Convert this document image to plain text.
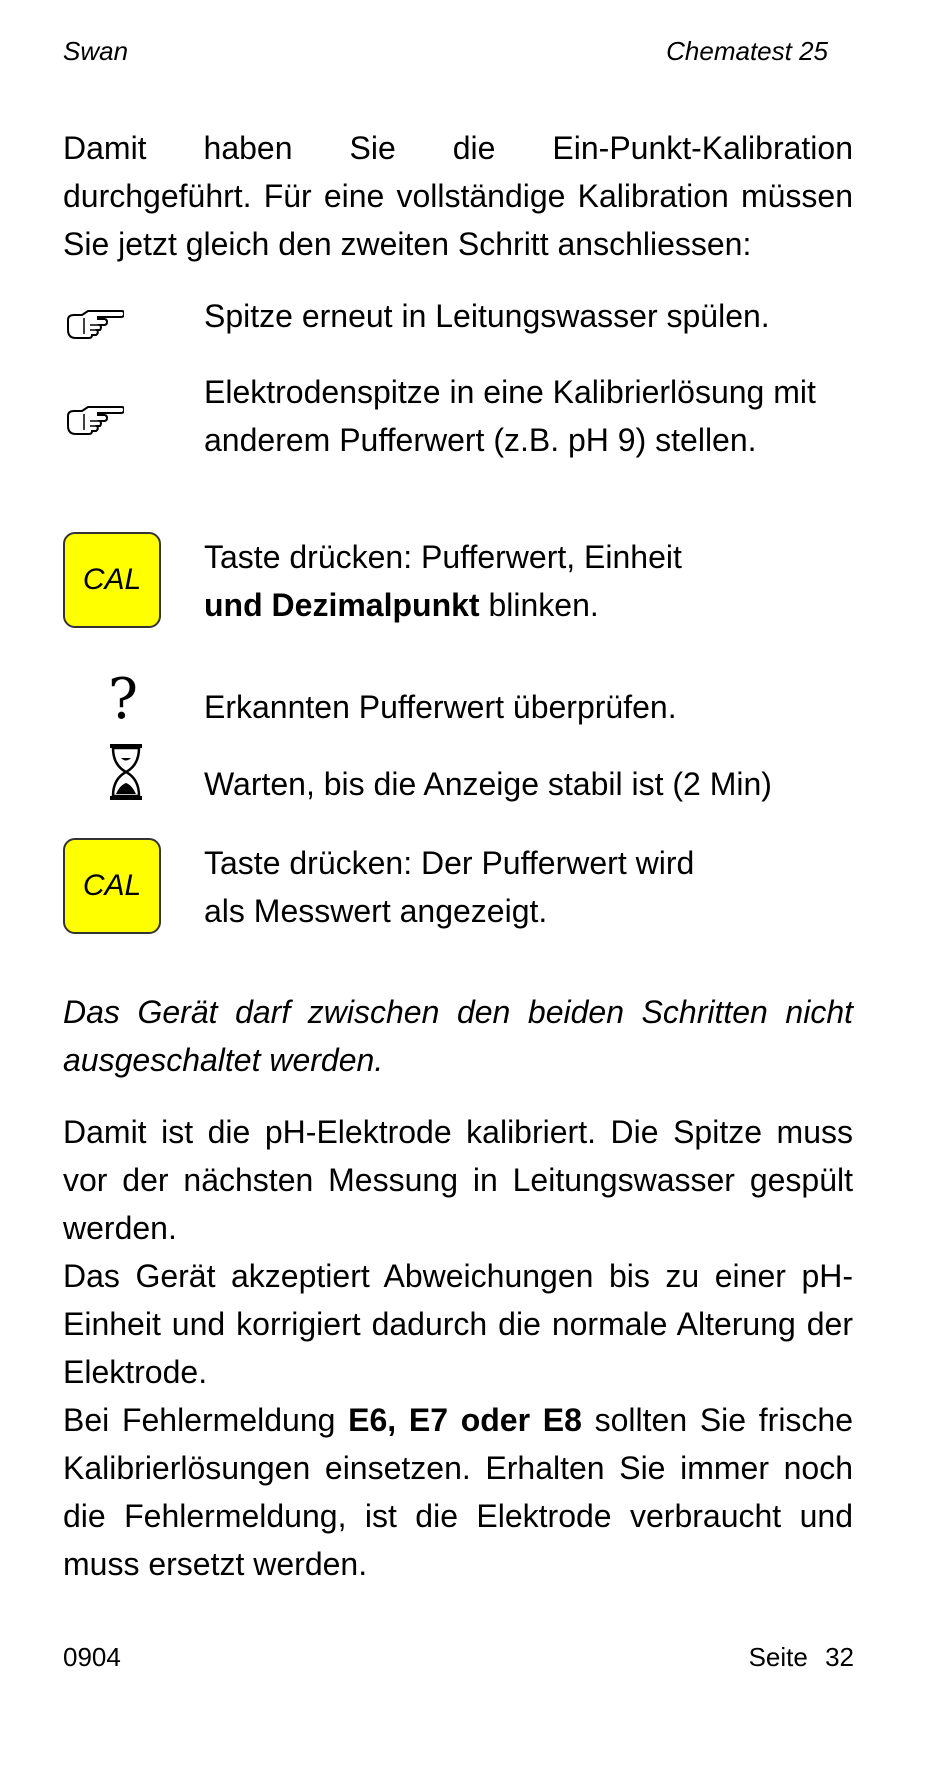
Swan	Chematest 25
Damit haben Sie die Ein-Punkt-Kalibration durchgeführt. Für eine vollständige Kalibration müssen Sie jetzt gleich den zweiten Schritt anschliessen:
Spitze erneut in Leitungswasser spülen.
Elektrodenspitze in eine Kalibrierlösung mit anderem Pufferwert (z.B. pH 9) stellen.
CAL
Taste drücken: Pufferwert, Einheit
und Dezimalpunkt blinken.
? Erkannten Pufferwert überprüfen.
Warten, bis die Anzeige stabil ist (2 Min)
CAL
Taste drücken: Der Pufferwert wird als Messwert angezeigt.
Das Gerät darf zwischen den beiden Schritten nicht ausgeschaltet werden.
Damit ist die pH-Elektrode kalibriert. Die Spitze muss vor der nächsten Messung in Leitungswasser gespült werden.
Das Gerät akzeptiert Abweichungen bis zu einer pH-Einheit und korrigiert dadurch die normale Alterung der Elektrode.
Bei Fehlermeldung E6, E7 oder E8 sollten Sie frische Kalibrierlösungen einsetzen. Erhalten Sie immer noch die Fehlermeldung, ist die Elektrode verbraucht und muss ersetzt werden.
0904	Seite 32
